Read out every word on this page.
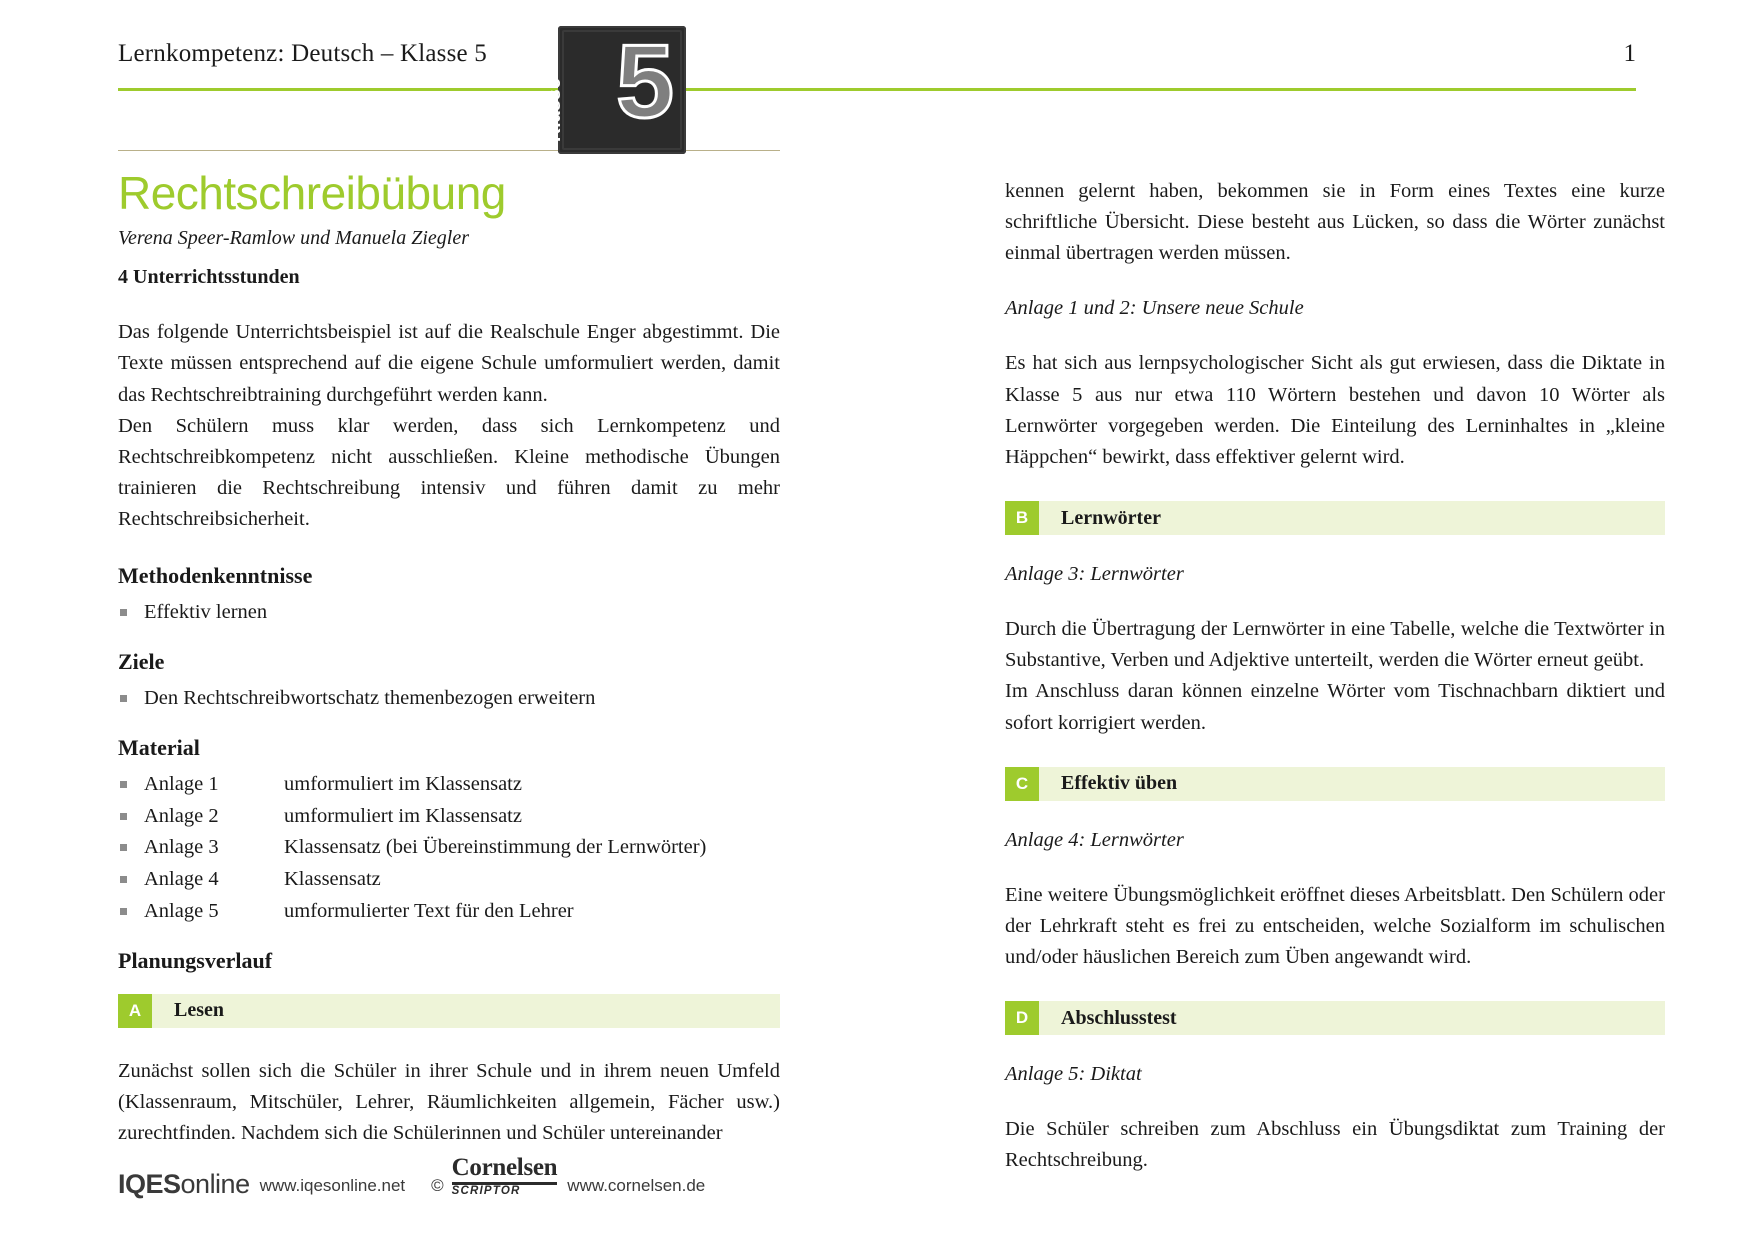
Lernkompetenz: Deutsch – Klasse 5	1
Rechtschreibübung

Verena Speer-Ramlow und Manuela Ziegler

4 Unterrichtsstunden

Das folgende Unterrichtsbeispiel ist auf die Realschule Enger abgestimmt. Die Texte müssen entsprechend auf die eigene Schule umformuliert werden, damit das Rechtschreibtraining durchgeführt werden kann.

Den Schülern muss klar werden, dass sich Lernkompetenz und Rechtschreibkompetenz nicht ausschließen. Kleine methodische Übungen trainieren die Rechtschreibung intensiv und führen damit zu mehr Rechtschreibsicherheit.

Methodenkenntnisse
Effektiv lernen
Ziele
Den Rechtschreibwortschatz themenbezogen erweitern
Material
Anlage 1	umformuliert im Klassensatz
Anlage 2	umformuliert im Klassensatz
Anlage 3	Klassensatz (bei Übereinstimmung der Lernwörter)
Anlage 4	Klassensatz
Anlage 5	umformulierter Text für den Lehrer
Planungsverlauf
A	Lesen

Zunächst sollen sich die Schüler in ihrer Schule und in ihrem neuen Umfeld (Klassenraum, Mitschüler, Lehrer, Räumlichkeiten allgemein, Fächer usw.) zurechtfinden. Nachdem sich die Schülerinnen und Schüler untereinander

5
Klasse

kennen gelernt haben, bekommen sie in Form eines Textes eine kurze schriftliche Übersicht. Diese besteht aus Lücken, so dass die Wörter zunächst einmal übertragen werden müssen.

Anlage 1 und 2: Unsere neue Schule

Es hat sich aus lernpsychologischer Sicht als gut erwiesen, dass die Diktate in Klasse 5 aus nur etwa 110 Wörtern bestehen und davon 10 Wörter als Lernwörter vorgegeben werden. Die Einteilung des Lerninhaltes in „kleine Häppchen“ bewirkt, dass effektiver gelernt wird.

B	Lernwörter

Anlage 3: Lernwörter

Durch die Übertragung der Lernwörter in eine Tabelle, welche die Textwörter in Substantive, Verben und Adjektive unterteilt, werden die Wörter erneut geübt.

Im Anschluss daran können einzelne Wörter vom Tischnachbarn diktiert und sofort korrigiert werden.

C	Effektiv üben

Anlage 4: Lernwörter

Eine weitere Übungsmöglichkeit eröffnet dieses Arbeitsblatt. Den Schülern oder der Lehrkraft steht es frei zu entscheiden, welche Sozialform im schulischen und/oder häuslichen Bereich zum Üben angewandt wird.

D	Abschlusstest

Anlage 5: Diktat

Die Schüler schreiben zum Abschluss ein Übungsdiktat zum Training der Rechtschreibung.

IQESonline www.iqesonline.net ©
Cornelsen
SCRIPTOR	www.cornelsen.de
